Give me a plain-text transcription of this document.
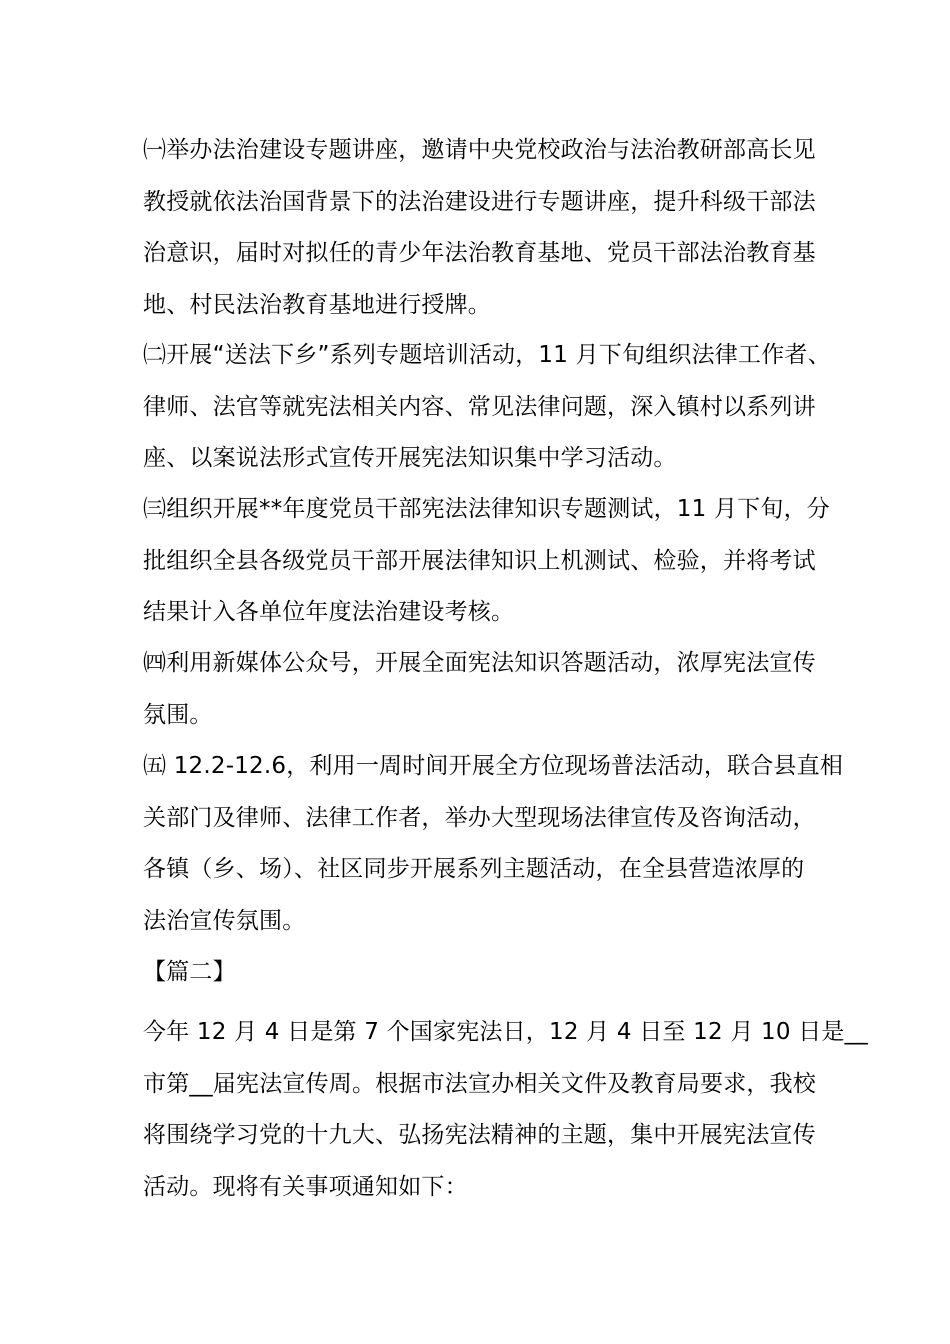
㈠举办法治建设专题讲座，邀请中央党校政治与法治教研部高长见
教授就依法治国背景下的法治建设进行专题讲座，提升科级干部法
治意识，届时对拟任的青少年法治教育基地、党员干部法治教育基
地、村民法治教育基地进行授牌。
㈡开展“送法下乡”系列专题培训活动，11 月下旬组织法律工作者、
律师、法官等就宪法相关内容、常见法律问题，深入镇村以系列讲
座、以案说法形式宣传开展宪法知识集中学习活动。
㈢组织开展**年度党员干部宪法法律知识专题测试，11 月下旬，分
批组织全县各级党员干部开展法律知识上机测试、检验，并将考试
结果计入各单位年度法治建设考核。
㈣利用新媒体公众号，开展全面宪法知识答题活动，浓厚宪法宣传
氛围。
㈤ 12.2-12.6，利用一周时间开展全方位现场普法活动，联合县直相
关部门及律师、法律工作者，举办大型现场法律宣传及咨询活动，
各镇（乡、场）、社区同步开展系列主题活动，在全县营造浓厚的
法治宣传氛围。
【篇二】
今年 12 月 4 日是第 7 个国家宪法日，12 月 4 日至 12 月 10 日是__
市第__届宪法宣传周。根据市法宣办相关文件及教育局要求，我校
将围绕学习党的十九大、弘扬宪法精神的主题，集中开展宪法宣传
活动。现将有关事项通知如下：
